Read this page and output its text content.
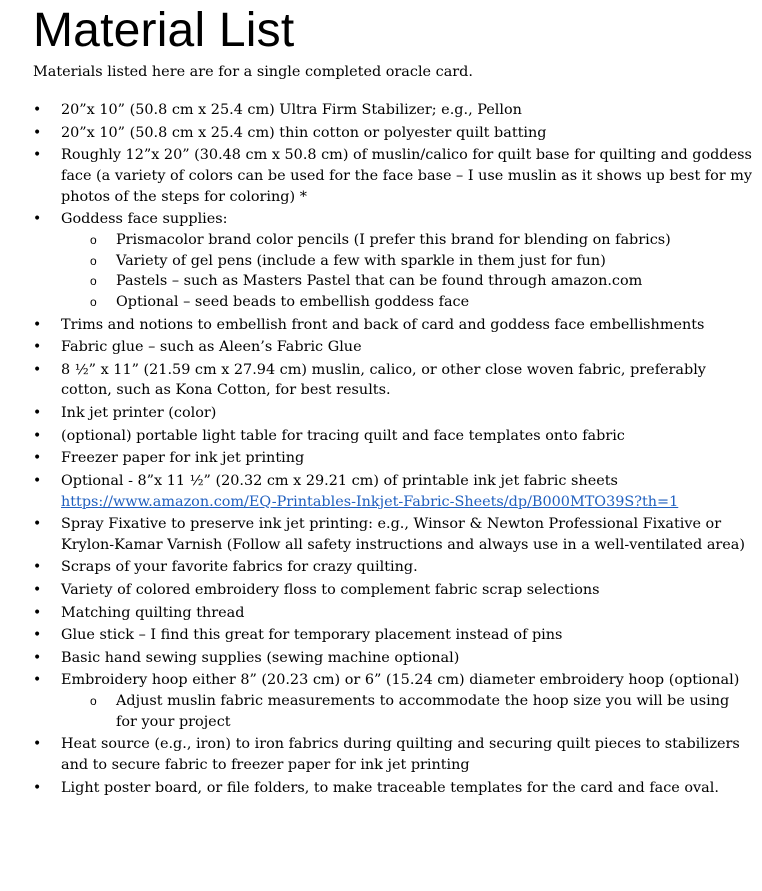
Material List

Materials listed here are for a single completed oracle card.

• 20”x 10” (50.8 cm x 25.4 cm) Ultra Firm Stabilizer; e.g., Pellon
• 20”x 10” (50.8 cm x 25.4 cm) thin cotton or polyester quilt batting
• Roughly 12”x 20” (30.48 cm x 50.8 cm) of muslin/calico for quilt base for quilting and goddess face (a variety of colors can be used for the face base – I use muslin as it shows up best for my photos of the steps for coloring) *
• Goddess face supplies:
o Prismacolor brand color pencils (I prefer this brand for blending on fabrics)
o Variety of gel pens (include a few with sparkle in them just for fun)
o Pastels – such as Masters Pastel that can be found through amazon.com
o Optional – seed beads to embellish goddess face
• Trims and notions to embellish front and back of card and goddess face embellishments
• Fabric glue – such as Aleen’s Fabric Glue
• 8 ½” x 11” (21.59 cm x 27.94 cm) muslin, calico, or other close woven fabric, preferably cotton, such as Kona Cotton, for best results.
• Ink jet printer (color)
• (optional) portable light table for tracing quilt and face templates onto fabric
• Freezer paper for ink jet printing
• Optional - 8”x 11 ½” (20.32 cm x 29.21 cm) of printable ink jet fabric sheets
https://www.amazon.com/EQ-Printables-Inkjet-Fabric-Sheets/dp/B000MTO39S?th=1
• Spray Fixative to preserve ink jet printing: e.g., Winsor & Newton Professional Fixative or Krylon-Kamar Varnish (Follow all safety instructions and always use in a well-ventilated area)
• Scraps of your favorite fabrics for crazy quilting.
• Variety of colored embroidery floss to complement fabric scrap selections
• Matching quilting thread
• Glue stick – I find this great for temporary placement instead of pins
• Basic hand sewing supplies (sewing machine optional)
• Embroidery hoop either 8” (20.23 cm) or 6” (15.24 cm) diameter embroidery hoop (optional)
o Adjust muslin fabric measurements to accommodate the hoop size you will be using for your project
• Heat source (e.g., iron) to iron fabrics during quilting and securing quilt pieces to stabilizers and to secure fabric to freezer paper for ink jet printing
• Light poster board, or file folders, to make traceable templates for the card and face oval.
